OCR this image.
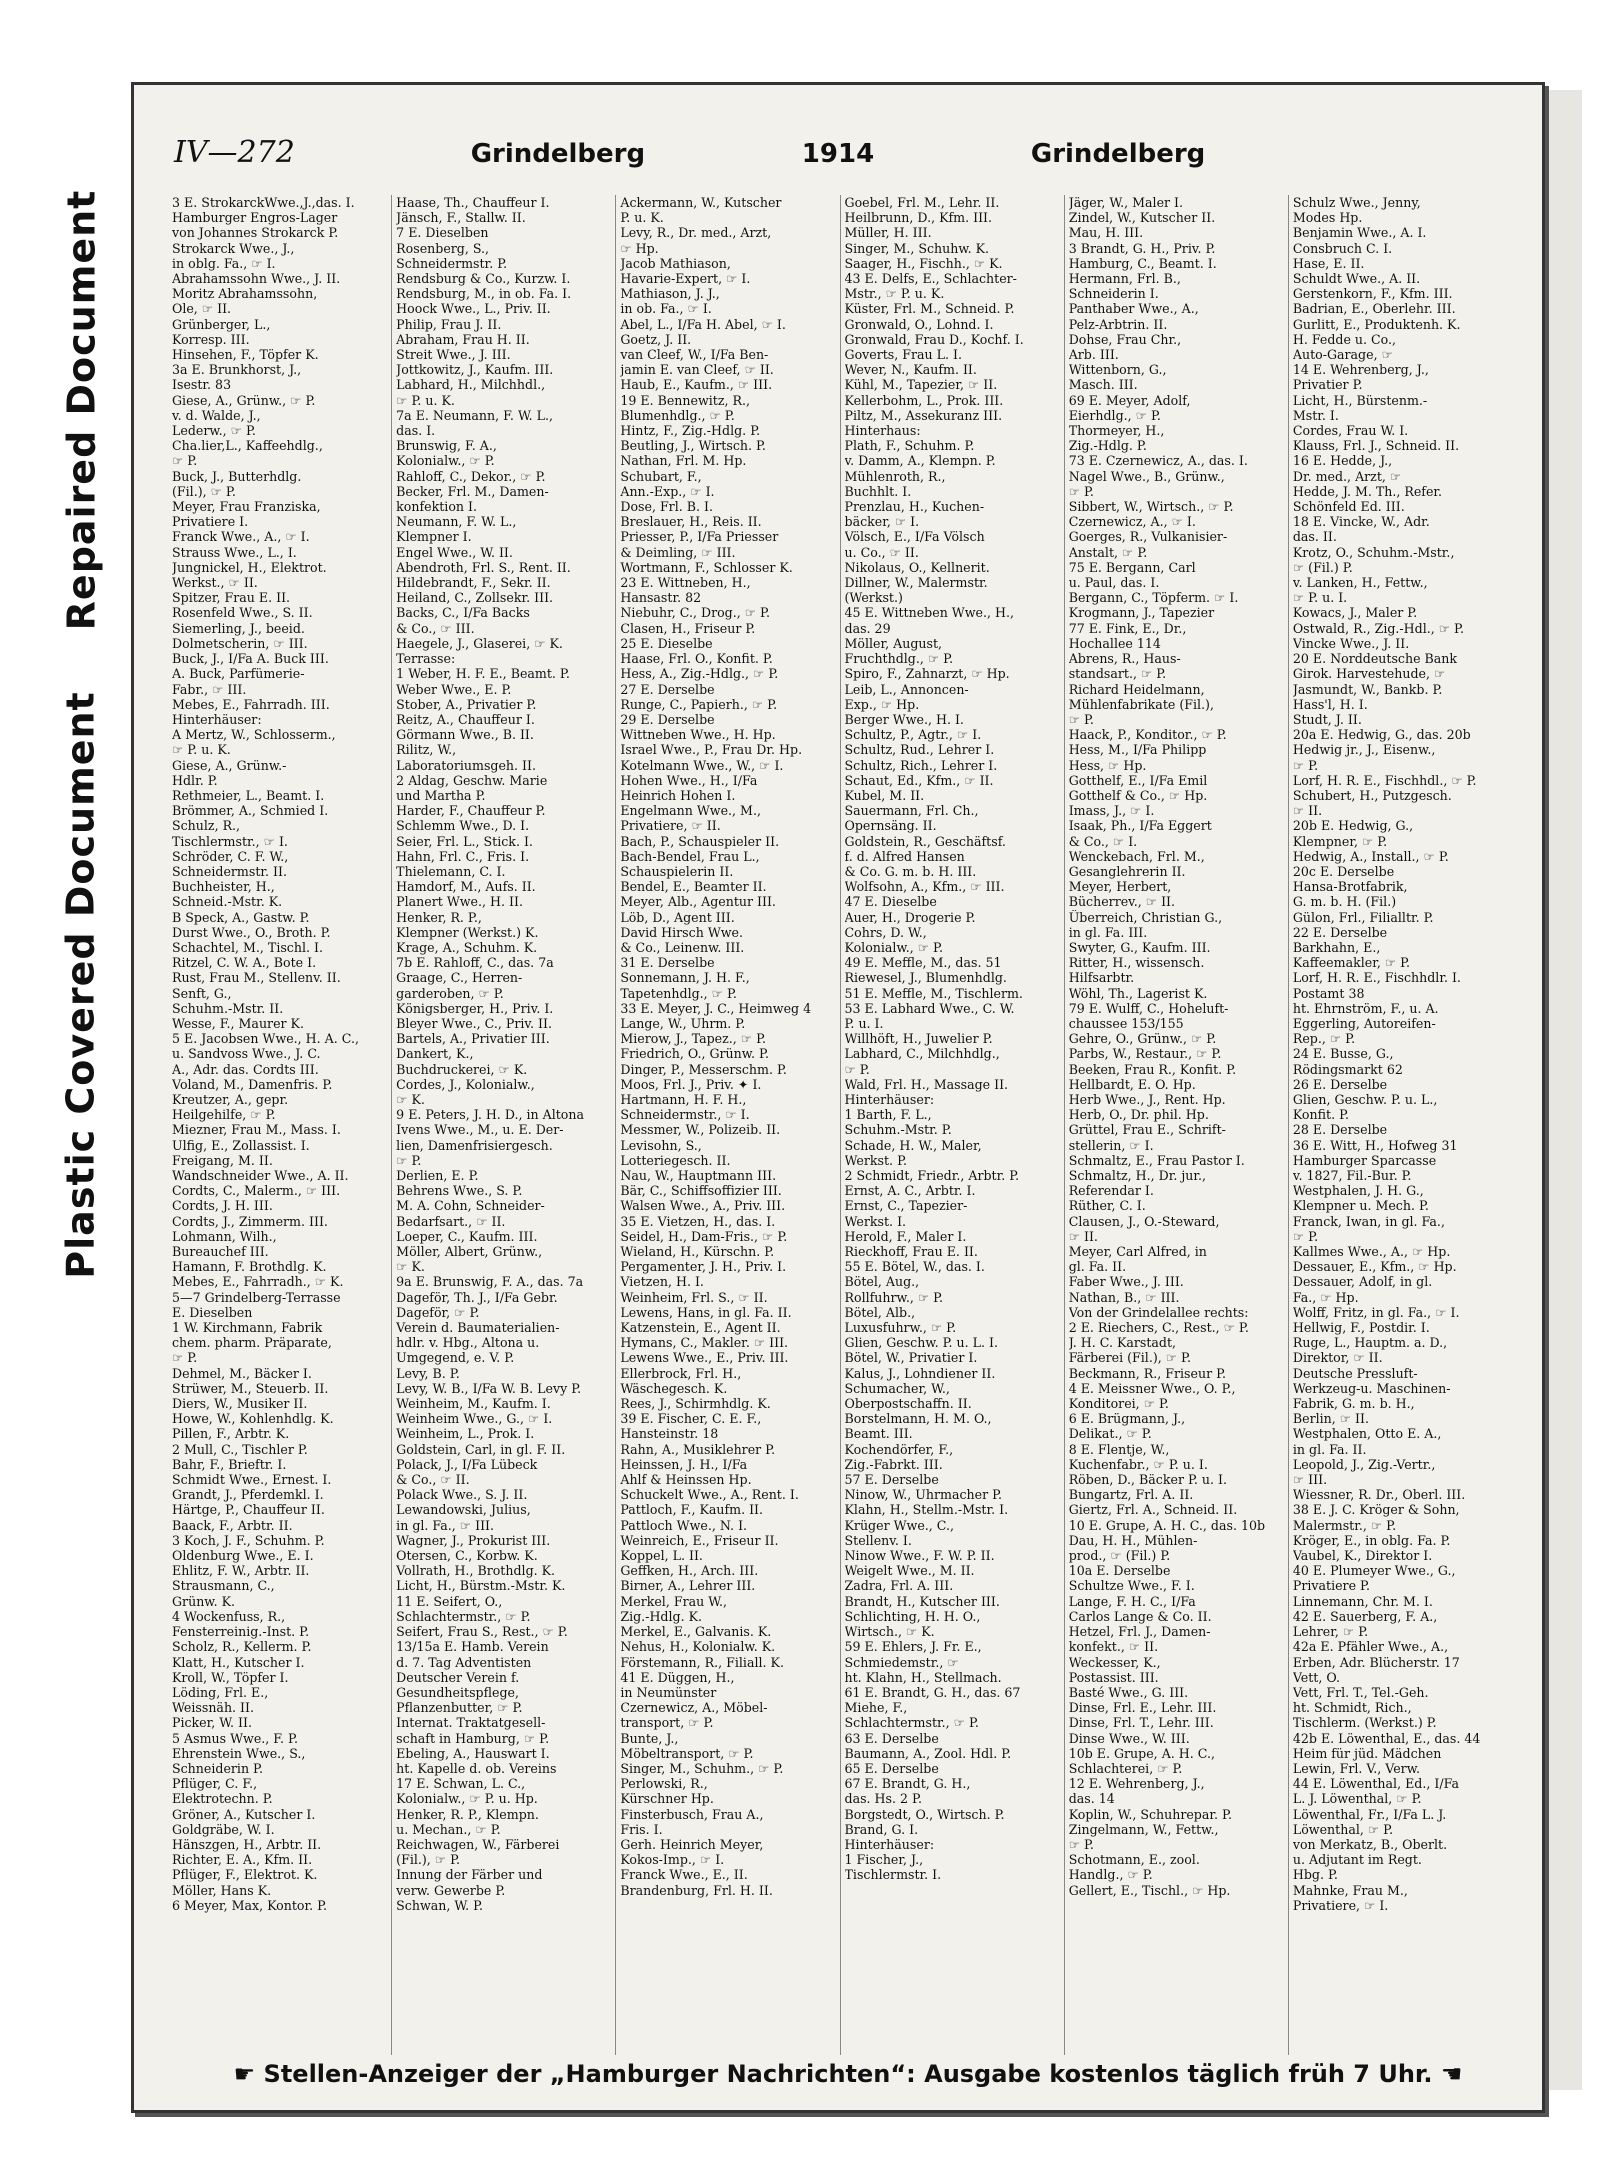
Repaired Document
Plastic Covered Document
IV—272	Grindelberg	1914	Grindelberg
3 E. StrokarckWwe.,J.,das. I.
Hamburger Engros-Lager
von Johannes Strokarck P.
Strokarck Wwe., J.,
in oblg. Fa., ☞ I.
Abrahamssohn Wwe., J. II.
Moritz Abrahamssohn,
Ole, ☞ II.
Grünberger, L.,
Korresp. III.
Hinsehen, F., Töpfer K.
3a E. Brunkhorst, J.,
Isestr. 83
Giese, A., Grünw., ☞ P.
v. d. Walde, J.,
Lederw., ☞ P.
Cha.lier,L., Kaffeehdlg.,
☞ P.
Buck, J., Butterhdlg.
(Fil.), ☞ P.
Meyer, Frau Franziska,
Privatiere I.
Franck Wwe., A., ☞ I.
Strauss Wwe., L., I.
Jungnickel, H., Elektrot.
Werkst., ☞ II.
Spitzer, Frau E. II.
Rosenfeld Wwe., S. II.
Siemerling, J., beeid.
Dolmetscherin, ☞ III.
Buck, J., I/Fa A. Buck III.
A. Buck, Parfümerie-
Fabr., ☞ III.
Mebes, E., Fahrradh. III.
Hinterhäuser:
A Mertz, W., Schlosserm.,
☞ P. u. K.
Giese, A., Grünw.-
Hdlr. P.
Rethmeier, L., Beamt. I.
Brömmer, A., Schmied I.
Schulz, R.,
Tischlermstr., ☞ I.
Schröder, C. F. W.,
Schneidermstr. II.
Buchheister, H.,
Schneid.-Mstr. K.
B Speck, A., Gastw. P.
Durst Wwe., O., Broth. P.
Schachtel, M., Tischl. I.
Ritzel, C. W. A., Bote I.
Rust, Frau M., Stellenv. II.
Senft, G.,
Schuhm.-Mstr. II.
Wesse, F., Maurer K.
5 E. Jacobsen Wwe., H. A. C.,
u. Sandvoss Wwe., J. C.
A., Adr. das. Cordts III.
Voland, M., Damenfris. P.
Kreutzer, A., gepr.
Heilgehilfe, ☞ P.
Miezner, Frau M., Mass. I.
Ulfig, E., Zollassist. I.
Freigang, M. II.
Wandschneider Wwe., A. II.
Cordts, C., Malerm., ☞ III.
Cordts, J. H. III.
Cordts, J., Zimmerm. III.
Lohmann, Wilh.,
Bureauchef III.
Hamann, F. Brothdlg. K.
Mebes, E., Fahrradh., ☞ K.
5—7 Grindelberg-Terrasse
E. Dieselben
1 W. Kirchmann, Fabrik
chem. pharm. Präparate,
☞ P.
Dehmel, M., Bäcker I.
Strüwer, M., Steuerb. II.
Diers, W., Musiker II.
Howe, W., Kohlenhdlg. K.
Pillen, F., Arbtr. K.
2 Mull, C., Tischler P.
Bahr, F., Brieftr. I.
Schmidt Wwe., Ernest. I.
Grandt, J., Pferdemkl. I.
Härtge, P., Chauffeur II.
Baack, F., Arbtr. II.
3 Koch, J. F., Schuhm. P.
Oldenburg Wwe., E. I.
Ehlitz, F. W., Arbtr. II.
Strausmann, C.,
Grünw. K.
4 Wockenfuss, R.,
Fensterreinig.-Inst. P.
Scholz, R., Kellerm. P.
Klatt, H., Kutscher I.
Kroll, W., Töpfer I.
Löding, Frl. E.,
Weissnäh. II.
Picker, W. II.
5 Asmus Wwe., F. P.
Ehrenstein Wwe., S.,
Schneiderin P.
Pflüger, C. F.,
Elektrotechn. P.
Gröner, A., Kutscher I.
Goldgräbe, W. I.
Hänszgen, H., Arbtr. II.
Richter, E. A., Kfm. II.
Pflüger, F., Elektrot. K.
Möller, Hans K.
6 Meyer, Max, Kontor. P.
Haase, Th., Chauffeur I.
Jänsch, F., Stallw. II.
7 E. Dieselben
Rosenberg, S.,
Schneidermstr. P.
Rendsburg & Co., Kurzw. I.
Rendsburg, M., in ob. Fa. I.
Hoock Wwe., L., Priv. II.
Philip, Frau J. II.
Abraham, Frau H. II.
Streit Wwe., J. III.
Jottkowitz, J., Kaufm. III.
Labhard, H., Milchhdl.,
☞ P. u. K.
7a E. Neumann, F. W. L.,
das. I.
Brunswig, F. A.,
Kolonialw., ☞ P.
Rahloff, C., Dekor., ☞ P.
Becker, Frl. M., Damen-
konfektion I.
Neumann, F. W. L.,
Klempner I.
Engel Wwe., W. II.
Abendroth, Frl. S., Rent. II.
Hildebrandt, F., Sekr. II.
Heiland, C., Zollsekr. III.
Backs, C., I/Fa Backs
& Co., ☞ III.
Haegele, J., Glaserei, ☞ K.
Terrasse:
1 Weber, H. F. E., Beamt. P.
Weber Wwe., E. P.
Stober, A., Privatier P.
Reitz, A., Chauffeur I.
Görmann Wwe., B. II.
Rilitz, W.,
Laboratoriumsgeh. II.
2 Aldag, Geschw. Marie
und Martha P.
Harder, F., Chauffeur P.
Schlemm Wwe., D. I.
Seier, Frl. L., Stick. I.
Hahn, Frl. C., Fris. I.
Thielemann, C. I.
Hamdorf, M., Aufs. II.
Planert Wwe., H. II.
Henker, R. P.,
Klempner (Werkst.) K.
Krage, A., Schuhm. K.
7b E. Rahloff, C., das. 7a
Graage, C., Herren-
garderoben, ☞ P.
Königsberger, H., Priv. I.
Bleyer Wwe., C., Priv. II.
Bartels, A., Privatier III.
Dankert, K.,
Buchdruckerei, ☞ K.
Cordes, J., Kolonialw.,
☞ K.
9 E. Peters, J. H. D., in Altona
Ivens Wwe., M., u. E. Der-
lien, Damenfrisiergesch.
☞ P.
Derlien, E. P.
Behrens Wwe., S. P.
M. A. Cohn, Schneider-
Bedarfsart., ☞ II.
Loeper, C., Kaufm. III.
Möller, Albert, Grünw.,
☞ K.
9a E. Brunswig, F. A., das. 7a
Dageför, Th. J., I/Fa Gebr.
Dageför, ☞ P.
Verein d. Baumaterialien-
hdlr. v. Hbg., Altona u.
Umgegend, e. V. P.
Levy, B. P.
Levy, W. B., I/Fa W. B. Levy P.
Weinheim, M., Kaufm. I.
Weinheim Wwe., G., ☞ I.
Weinheim, L., Prok. I.
Goldstein, Carl, in gl. F. II.
Polack, J., I/Fa Lübeck
& Co., ☞ II.
Polack Wwe., S. J. II.
Lewandowski, Julius,
in gl. Fa., ☞ III.
Wagner, J., Prokurist III.
Otersen, C., Korbw. K.
Vollrath, H., Brothdlg. K.
Licht, H., Bürstm.-Mstr. K.
11 E. Seifert, O.,
Schlachtermstr., ☞ P.
Seifert, Frau S., Rest., ☞ P.
13/15a E. Hamb. Verein
d. 7. Tag Adventisten
Deutscher Verein f.
Gesundheitspflege,
Pflanzenbutter, ☞ P.
Internat. Traktatgesell-
schaft in Hamburg, ☞ P.
Ebeling, A., Hauswart I.
ht. Kapelle d. ob. Vereins
17 E. Schwan, L. C.,
Kolonialw., ☞ P. u. Hp.
Henker, R. P., Klempn.
u. Mechan., ☞ P.
Reichwagen, W., Färberei
(Fil.), ☞ P.
Innung der Färber und
verw. Gewerbe P.
Schwan, W. P.
Ackermann, W., Kutscher
P. u. K.
Levy, R., Dr. med., Arzt,
☞ Hp.
Jacob Mathiason,
Havarie-Expert, ☞ I.
Mathiason, J. J.,
in ob. Fa., ☞ I.
Abel, L., I/Fa H. Abel, ☞ I.
Goetz, J. II.
van Cleef, W., I/Fa Ben-
jamin E. van Cleef, ☞ II.
Haub, E., Kaufm., ☞ III.
19 E. Bennewitz, R.,
Blumenhdlg., ☞ P.
Hintz, F., Zig.-Hdlg. P.
Beutling, J., Wirtsch. P.
Nathan, Frl. M. Hp.
Schubart, F.,
Ann.-Exp., ☞ I.
Dose, Frl. B. I.
Breslauer, H., Reis. II.
Priesser, P., I/Fa Priesser
& Deimling, ☞ III.
Wortmann, F., Schlosser K.
23 E. Wittneben, H.,
Hansastr. 82
Niebuhr, C., Drog., ☞ P.
Clasen, H., Friseur P.
25 E. Dieselbe
Haase, Frl. O., Konfit. P.
Hess, A., Zig.-Hdlg., ☞ P.
27 E. Derselbe
Runge, C., Papierh., ☞ P.
29 E. Derselbe
Wittneben Wwe., H. Hp.
Israel Wwe., P., Frau Dr. Hp.
Kotelmann Wwe., W., ☞ I.
Hohen Wwe., H., I/Fa
Heinrich Hohen I.
Engelmann Wwe., M.,
Privatiere, ☞ II.
Bach, P., Schauspieler II.
Bach-Bendel, Frau L.,
Schauspielerin II.
Bendel, E., Beamter II.
Meyer, Alb., Agentur III.
Löb, D., Agent III.
David Hirsch Wwe.
& Co., Leinenw. III.
31 E. Derselbe
Sonnemann, J. H. F.,
Tapetenhdlg., ☞ P.
33 E. Meyer, J. C., Heimweg 4
Lange, W., Uhrm. P.
Mierow, J., Tapez., ☞ P.
Friedrich, O., Grünw. P.
Dinger, P., Messerschm. P.
Moos, Frl. J., Priv. ✦ I.
Hartmann, H. F. H.,
Schneidermstr., ☞ I.
Messmer, W., Polizeib. II.
Levisohn, S.,
Lotteriegesch. II.
Nau, W., Hauptmann III.
Bär, C., Schiffsoffizier III.
Walsen Wwe., A., Priv. III.
35 E. Vietzen, H., das. I.
Seidel, H., Dam-Fris., ☞ P.
Wieland, H., Kürschn. P.
Pergamenter, J. H., Priv. I.
Vietzen, H. I.
Weinheim, Frl. S., ☞ II.
Lewens, Hans, in gl. Fa. II.
Katzenstein, E., Agent II.
Hymans, C., Makler. ☞ III.
Lewens Wwe., E., Priv. III.
Ellerbrock, Frl. H.,
Wäschegesch. K.
Rees, J., Schirmhdlg. K.
39 E. Fischer, C. E. F.,
Hansteinstr. 18
Rahn, A., Musiklehrer P.
Heinssen, J. H., I/Fa
Ahlf & Heinssen Hp.
Schuckelt Wwe., A., Rent. I.
Pattloch, F., Kaufm. II.
Pattloch Wwe., N. I.
Weinreich, E., Friseur II.
Koppel, L. II.
Geffken, H., Arch. III.
Birner, A., Lehrer III.
Merkel, Frau W.,
Zig.-Hdlg. K.
Merkel, E., Galvanis. K.
Nehus, H., Kolonialw. K.
Förstemann, R., Filiall. K.
41 E. Düggen, H.,
in Neumünster
Czernewicz, A., Möbel-
transport, ☞ P.
Bunte, J.,
Möbeltransport, ☞ P.
Singer, M., Schuhm., ☞ P.
Perlowski, R.,
Kürschner Hp.
Finsterbusch, Frau A.,
Fris. I.
Gerh. Heinrich Meyer,
Kokos-Imp., ☞ I.
Franck Wwe., E., II.
Brandenburg, Frl. H. II.
Goebel, Frl. M., Lehr. II.
Heilbrunn, D., Kfm. III.
Müller, H. III.
Singer, M., Schuhw. K.
Saager, H., Fischh., ☞ K.
43 E. Delfs, E., Schlachter-
Mstr., ☞ P. u. K.
Küster, Frl. M., Schneid. P.
Gronwald, O., Lohnd. I.
Gronwald, Frau D., Kochf. I.
Goverts, Frau L. I.
Wever, N., Kaufm. II.
Kühl, M., Tapezier, ☞ II.
Kellerbohm, L., Prok. III.
Piltz, M., Assekuranz III.
Hinterhaus:
Plath, F., Schuhm. P.
v. Damm, A., Klempn. P.
Mühlenroth, R.,
Buchhlt. I.
Prenzlau, H., Kuchen-
bäcker, ☞ I.
Völsch, E., I/Fa Völsch
u. Co., ☞ II.
Nikolaus, O., Kellnerit.
Dillner, W., Malermstr.
(Werkst.)
45 E. Wittneben Wwe., H.,
das. 29
Möller, August,
Fruchthdlg., ☞ P.
Spiro, F., Zahnarzt, ☞ Hp.
Leib, L., Annoncen-
Exp., ☞ Hp.
Berger Wwe., H. I.
Schultz, P., Agtr., ☞ I.
Schultz, Rud., Lehrer I.
Schultz, Rich., Lehrer I.
Schaut, Ed., Kfm., ☞ II.
Kubel, M. II.
Sauermann, Frl. Ch.,
Opernsäng. II.
Goldstein, R., Geschäftsf.
f. d. Alfred Hansen
& Co. G. m. b. H. III.
Wolfsohn, A., Kfm., ☞ III.
47 E. Dieselbe
Auer, H., Drogerie P.
Cohrs, D. W.,
Kolonialw., ☞ P.
49 E. Meffle, M., das. 51
Riewesel, J., Blumenhdlg.
51 E. Meffle, M., Tischlerm.
53 E. Labhard Wwe., C. W.
P. u. I.
Willhöft, H., Juwelier P.
Labhard, C., Milchhdlg.,
☞ P.
Wald, Frl. H., Massage II.
Hinterhäuser:
1 Barth, F. L.,
Schuhm.-Mstr. P.
Schade, H. W., Maler,
Werkst. P.
2 Schmidt, Friedr., Arbtr. P.
Ernst, A. C., Arbtr. I.
Ernst, C., Tapezier-
Werkst. I.
Herold, F., Maler I.
Rieckhoff, Frau E. II.
55 E. Bötel, W., das. I.
Bötel, Aug.,
Rollfuhrw., ☞ P.
Bötel, Alb.,
Luxusfuhrw., ☞ P.
Glien, Geschw. P. u. L. I.
Bötel, W., Privatier I.
Kalus, J., Lohndiener II.
Schumacher, W.,
Oberpostschaffn. II.
Borstelmann, H. M. O.,
Beamt. III.
Kochendörfer, F.,
Zig.-Fabrkt. III.
57 E. Derselbe
Ninow, W., Uhrmacher P.
Klahn, H., Stellm.-Mstr. I.
Krüger Wwe., C.,
Stellenv. I.
Ninow Wwe., F. W. P. II.
Weigelt Wwe., M. II.
Zadra, Frl. A. III.
Brandt, H., Kutscher III.
Schlichting, H. H. O.,
Wirtsch., ☞ K.
59 E. Ehlers, J. Fr. E.,
Schmiedemstr., ☞
ht. Klahn, H., Stellmach.
61 E. Brandt, G. H., das. 67
Miehe, F.,
Schlachtermstr., ☞ P.
63 E. Derselbe
Baumann, A., Zool. Hdl. P.
65 E. Derselbe
67 E. Brandt, G. H.,
das. Hs. 2 P.
Borgstedt, O., Wirtsch. P.
Brand, G. I.
Hinterhäuser:
1 Fischer, J.,
Tischlermstr. I.
Jäger, W., Maler I.
Zindel, W., Kutscher II.
Mau, H. III.
3 Brandt, G. H., Priv. P.
Hamburg, C., Beamt. I.
Hermann, Frl. B.,
Schneiderin I.
Panthaber Wwe., A.,
Pelz-Arbtrin. II.
Dohse, Frau Chr.,
Arb. III.
Wittenborn, G.,
Masch. III.
69 E. Meyer, Adolf,
Eierhdlg., ☞ P.
Thormeyer, H.,
Zig.-Hdlg. P.
73 E. Czernewicz, A., das. I.
Nagel Wwe., B., Grünw.,
☞ P.
Sibbert, W., Wirtsch., ☞ P.
Czernewicz, A., ☞ I.
Goerges, R., Vulkanisier-
Anstalt, ☞ P.
75 E. Bergann, Carl
u. Paul, das. I.
Bergann, C., Töpferm. ☞ I.
Krogmann, J., Tapezier
77 E. Fink, E., Dr.,
Hochallee 114
Abrens, R., Haus-
standsart., ☞ P.
Richard Heidelmann,
Mühlenfabrikate (Fil.),
☞ P.
Haack, P., Konditor., ☞ P.
Hess, M., I/Fa Philipp
Hess, ☞ Hp.
Gotthelf, E., I/Fa Emil
Gotthelf & Co., ☞ Hp.
Imass, J., ☞ I.
Isaak, Ph., I/Fa Eggert
& Co., ☞ I.
Wenckebach, Frl. M.,
Gesanglehrerin II.
Meyer, Herbert,
Bücherrev., ☞ II.
Überreich, Christian G.,
in gl. Fa. III.
Swyter, G., Kaufm. III.
Ritter, H., wissensch.
Hilfsarbtr.
Wöhl, Th., Lagerist K.
79 E. Wulff, C., Hoheluft-
chaussee 153/155
Gehre, O., Grünw., ☞ P.
Parbs, W., Restaur., ☞ P.
Beeken, Frau R., Konfit. P.
Hellbardt, E. O. Hp.
Herb Wwe., J., Rent. Hp.
Herb, O., Dr. phil. Hp.
Grüttel, Frau E., Schrift-
stellerin, ☞ I.
Schmaltz, E., Frau Pastor I.
Schmaltz, H., Dr. jur.,
Referendar I.
Rüther, C. I.
Clausen, J., O.-Steward,
☞ II.
Meyer, Carl Alfred, in
gl. Fa. II.
Faber Wwe., J. III.
Nathan, B., ☞ III.
Von der Grindelallee rechts:
2 E. Riechers, C., Rest., ☞ P.
J. H. C. Karstadt,
Färberei (Fil.), ☞ P.
Beckmann, R., Friseur P.
4 E. Meissner Wwe., O. P.,
Konditorei, ☞ P.
6 E. Brügmann, J.,
Delikat., ☞ P.
8 E. Flentje, W.,
Kuchenfabr., ☞ P. u. I.
Röben, D., Bäcker P. u. I.
Bungartz, Frl. A. II.
Giertz, Frl. A., Schneid. II.
10 E. Grupe, A. H. C., das. 10b
Dau, H. H., Mühlen-
prod., ☞ (Fil.) P.
10a E. Derselbe
Schultze Wwe., F. I.
Lange, F. H. C., I/Fa
Carlos Lange & Co. II.
Hetzel, Frl. J., Damen-
konfekt., ☞ II.
Weckesser, K.,
Postassist. III.
Basté Wwe., G. III.
Dinse, Frl. E., Lehr. III.
Dinse, Frl. T., Lehr. III.
Dinse Wwe., W. III.
10b E. Grupe, A. H. C.,
Schlachterei, ☞ P.
12 E. Wehrenberg, J.,
das. 14
Koplin, W., Schuhrepar. P.
Zingelmann, W., Fettw.,
☞ P.
Schotmann, E., zool.
Handlg., ☞ P.
Gellert, E., Tischl., ☞ Hp.
Schulz Wwe., Jenny,
Modes Hp.
Benjamin Wwe., A. I.
Consbruch C. I.
Hase, E. II.
Schuldt Wwe., A. II.
Gerstenkorn, F., Kfm. III.
Badrian, E., Oberlehr. III.
Gurlitt, E., Produktenh. K.
H. Fedde u. Co.,
Auto-Garage, ☞
14 E. Wehrenberg, J.,
Privatier P.
Licht, H., Bürstenm.-
Mstr. I.
Cordes, Frau W. I.
Klauss, Frl. J., Schneid. II.
16 E. Hedde, J.,
Dr. med., Arzt, ☞
Hedde, J. M. Th., Refer.
Schönfeld Ed. III.
18 E. Vincke, W., Adr.
das. II.
Krotz, O., Schuhm.-Mstr.,
☞ (Fil.) P.
v. Lanken, H., Fettw.,
☞ P. u. I.
Kowacs, J., Maler P.
Ostwald, R., Zig.-Hdl., ☞ P.
Vincke Wwe., J. II.
20 E. Norddeutsche Bank
Girok. Harvestehude, ☞
Jasmundt, W., Bankb. P.
Hass'l, H. I.
Studt, J. II.
20a E. Hedwig, G., das. 20b
Hedwig jr., J., Eisenw.,
☞ P.
Lorf, H. R. E., Fischhdl., ☞ P.
Schubert, H., Putzgesch.
☞ II.
20b E. Hedwig, G.,
Klempner, ☞ P.
Hedwig, A., Install., ☞ P.
20c E. Derselbe
Hansa-Brotfabrik,
G. m. b. H. (Fil.)
Gülon, Frl., Filialltr. P.
22 E. Derselbe
Barkhahn, E.,
Kaffeemakler, ☞ P.
Lorf, H. R. E., Fischhdlr. I.
Postamt 38
ht. Ehrnström, F., u. A.
Eggerling, Autoreifen-
Rep., ☞ P.
24 E. Busse, G.,
Rödingsmarkt 62
26 E. Derselbe
Glien, Geschw. P. u. L.,
Konfit. P.
28 E. Derselbe
36 E. Witt, H., Hofweg 31
Hamburger Sparcasse
v. 1827, Fil.-Bur. P.
Westphalen, J. H. G.,
Klempner u. Mech. P.
Franck, Iwan, in gl. Fa.,
☞ P.
Kallmes Wwe., A., ☞ Hp.
Dessauer, E., Kfm., ☞ Hp.
Dessauer, Adolf, in gl.
Fa., ☞ Hp.
Wolff, Fritz, in gl. Fa., ☞ I.
Hellwig, F., Postdir. I.
Ruge, L., Hauptm. a. D.,
Direktor, ☞ II.
Deutsche Pressluft-
Werkzeug-u. Maschinen-
Fabrik, G. m. b. H.,
Berlin, ☞ II.
Westphalen, Otto E. A.,
in gl. Fa. II.
Leopold, J., Zig.-Vertr.,
☞ III.
Wiessner, R. Dr., Oberl. III.
38 E. J. C. Kröger & Sohn,
Malermstr., ☞ P.
Kröger, E., in oblg. Fa. P.
Vaubel, K., Direktor I.
40 E. Plumeyer Wwe., G.,
Privatiere P.
Linnemann, Chr. M. I.
42 E. Sauerberg, F. A.,
Lehrer, ☞ P.
42a E. Pfähler Wwe., A.,
Erben, Adr. Blücherstr. 17
Vett, O.
Vett, Frl. T., Tel.-Geh.
ht. Schmidt, Rich.,
Tischlerm. (Werkst.) P.
42b E. Löwenthal, E., das. 44
Heim für jüd. Mädchen
Lewin, Frl. V., Verw.
44 E. Löwenthal, Ed., I/Fa
L. J. Löwenthal, ☞ P.
Löwenthal, Fr., I/Fa L. J.
Löwenthal, ☞ P.
von Merkatz, B., Oberlt.
u. Adjutant im Regt.
Hbg. P.
Mahnke, Frau M.,
Privatiere, ☞ I.
☛ Stellen-Anzeiger der „Hamburger Nachrichten“: Ausgabe kostenlos täglich früh 7 Uhr. ☚
